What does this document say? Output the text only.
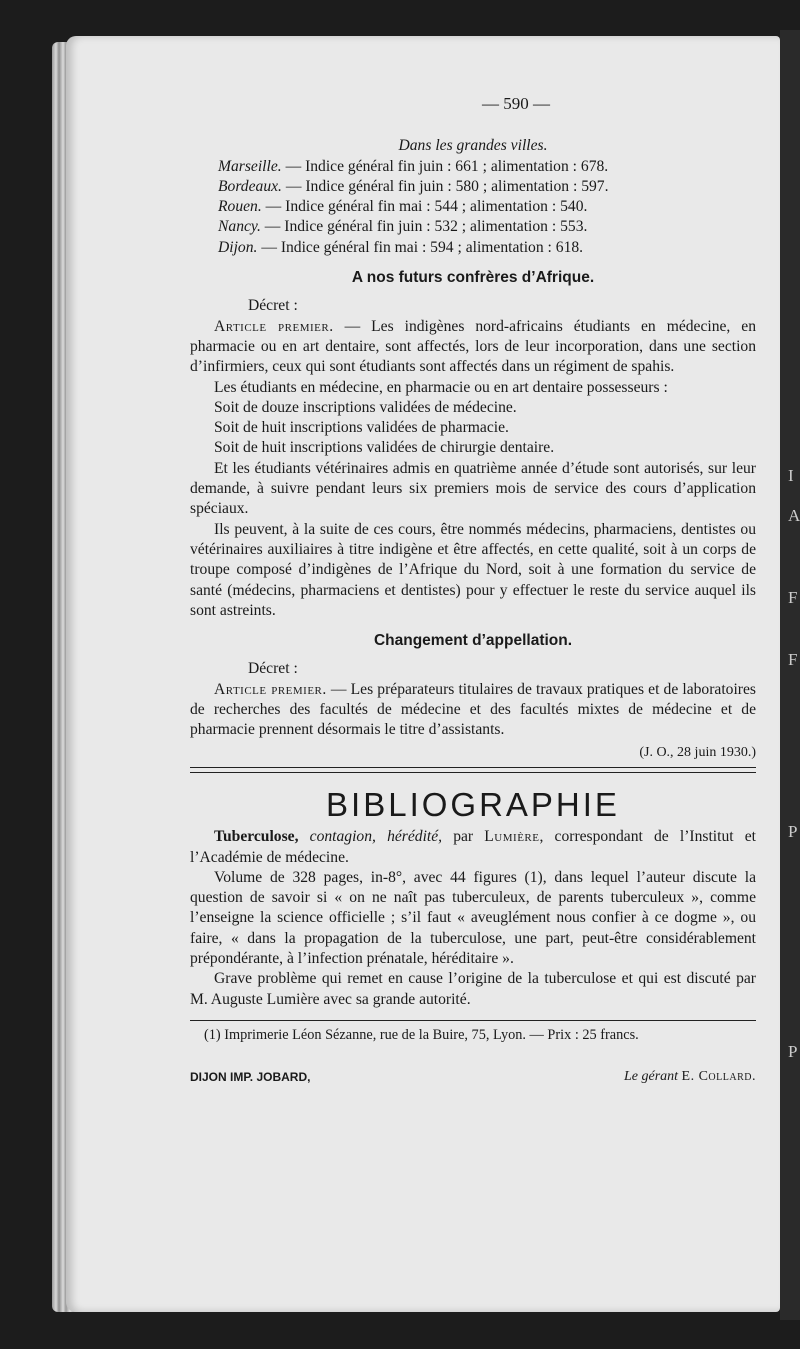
I
A
F
F
P
P
— 590 —
Dans les grandes villes.
Marseille. — Indice général fin juin : 661 ; alimentation : 678.
Bordeaux. — Indice général fin juin : 580 ; alimentation : 597.
Rouen. — Indice général fin mai : 544 ; alimentation : 540.
Nancy. — Indice général fin juin : 532 ; alimentation : 553.
Dijon. — Indice général fin mai : 594 ; alimentation : 618.
A nos futurs confrères d’Afrique.
Décret :

Article premier. — Les indigènes nord-africains étudiants en médecine, en pharmacie ou en art dentaire, sont affectés, lors de leur incorporation, dans une section d’infirmiers, ceux qui sont étudiants sont affectés dans un régiment de spahis.

Les étudiants en médecine, en pharmacie ou en art dentaire possesseurs :

Soit de douze inscriptions validées de médecine.
Soit de huit inscriptions validées de pharmacie.
Soit de huit inscriptions validées de chirurgie dentaire.

Et les étudiants vétérinaires admis en quatrième année d’étude sont autorisés, sur leur demande, à suivre pendant leurs six premiers mois de service des cours d’application spéciaux.

Ils peuvent, à la suite de ces cours, être nommés médecins, pharmaciens, dentistes ou vétérinaires auxiliaires à titre indigène et être affectés, en cette qualité, soit à un corps de troupe composé d’indigènes de l’Afrique du Nord, soit à une formation du service de santé (médecins, pharmaciens et dentistes) pour y effectuer le reste du service auquel ils sont astreints.

Changement d’appellation.
Décret :

Article premier. — Les préparateurs titulaires de travaux pratiques et de laboratoires de recherches des facultés de médecine et des facultés mixtes de médecine et de pharmacie prennent désormais le titre d’assistants.

(J. O., 28 juin 1930.)
BIBLIOGRAPHIE

Tuberculose, contagion, hérédité, par Lumière, correspondant de l’Institut et l’Académie de médecine.

Volume de 328 pages, in-8°, avec 44 figures (1), dans lequel l’auteur discute la question de savoir si « on ne naît pas tuberculeux, de parents tuberculeux », comme l’enseigne la science officielle ; s’il faut « aveuglément nous confier à ce dogme », ou faire, « dans la propagation de la tuberculose, une part, peut-être considérablement prépondérante, à l’infection prénatale, héréditaire ».

Grave problème qui remet en cause l’origine de la tuberculose et qui est discuté par M. Auguste Lumière avec sa grande autorité.

(1) Imprimerie Léon Sézanne, rue de la Buire, 75, Lyon. — Prix : 25 francs.
DIJON IMP. JOBARD,	Le gérant E. Collard.
